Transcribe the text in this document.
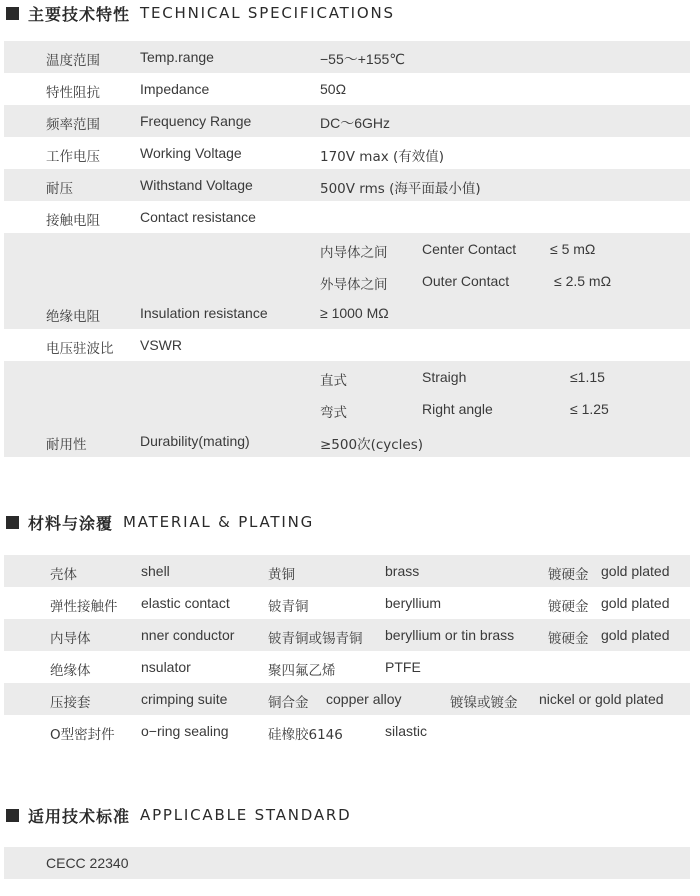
主要技术特性 TECHNICAL SPECIFICATIONS
温度范围	Temp.range	−55～+155℃
特性阻抗	Impedance	50Ω
频率范围	Frequency Range	DC～6GHz
工作电压	Working Voltage	170V max (有效值)
耐压	Withstand Voltage	500V rms (海平面最小值)
接触电阻	Contact resistance
内导体之间 Center Contact ≤ 5 mΩ
外导体之间 Outer Contact	≤ 2.5 mΩ
绝缘电阻	Insulation resistance	≥ 1000 MΩ
电压驻波比 VSWR
直式	Straigh	≤1.15
弯式	Right angle	≤ 1.25
耐用性	Durability(mating)	≥500次(cycles)
材料与涂覆 MATERIAL & PLATING
壳体	shell	黄铜	brass	镀硬金 gold plated
弹性接触件 elastic contact	铍青铜	beryllium	镀硬金 gold plated
内导体	nner conductor 铍青铜或锡青铜 beryllium or tin brass	镀硬金 gold plated
绝缘体	nsulator	聚四氟乙烯	PTFE
压接套	crimping suite	铜合金 copper alloy	镀镍或镀金 nickel or gold plated
O型密封件 o−ring sealing	硅橡胶6146	silastic
适用技术标准 APPLICABLE STANDARD
CECC 22340
